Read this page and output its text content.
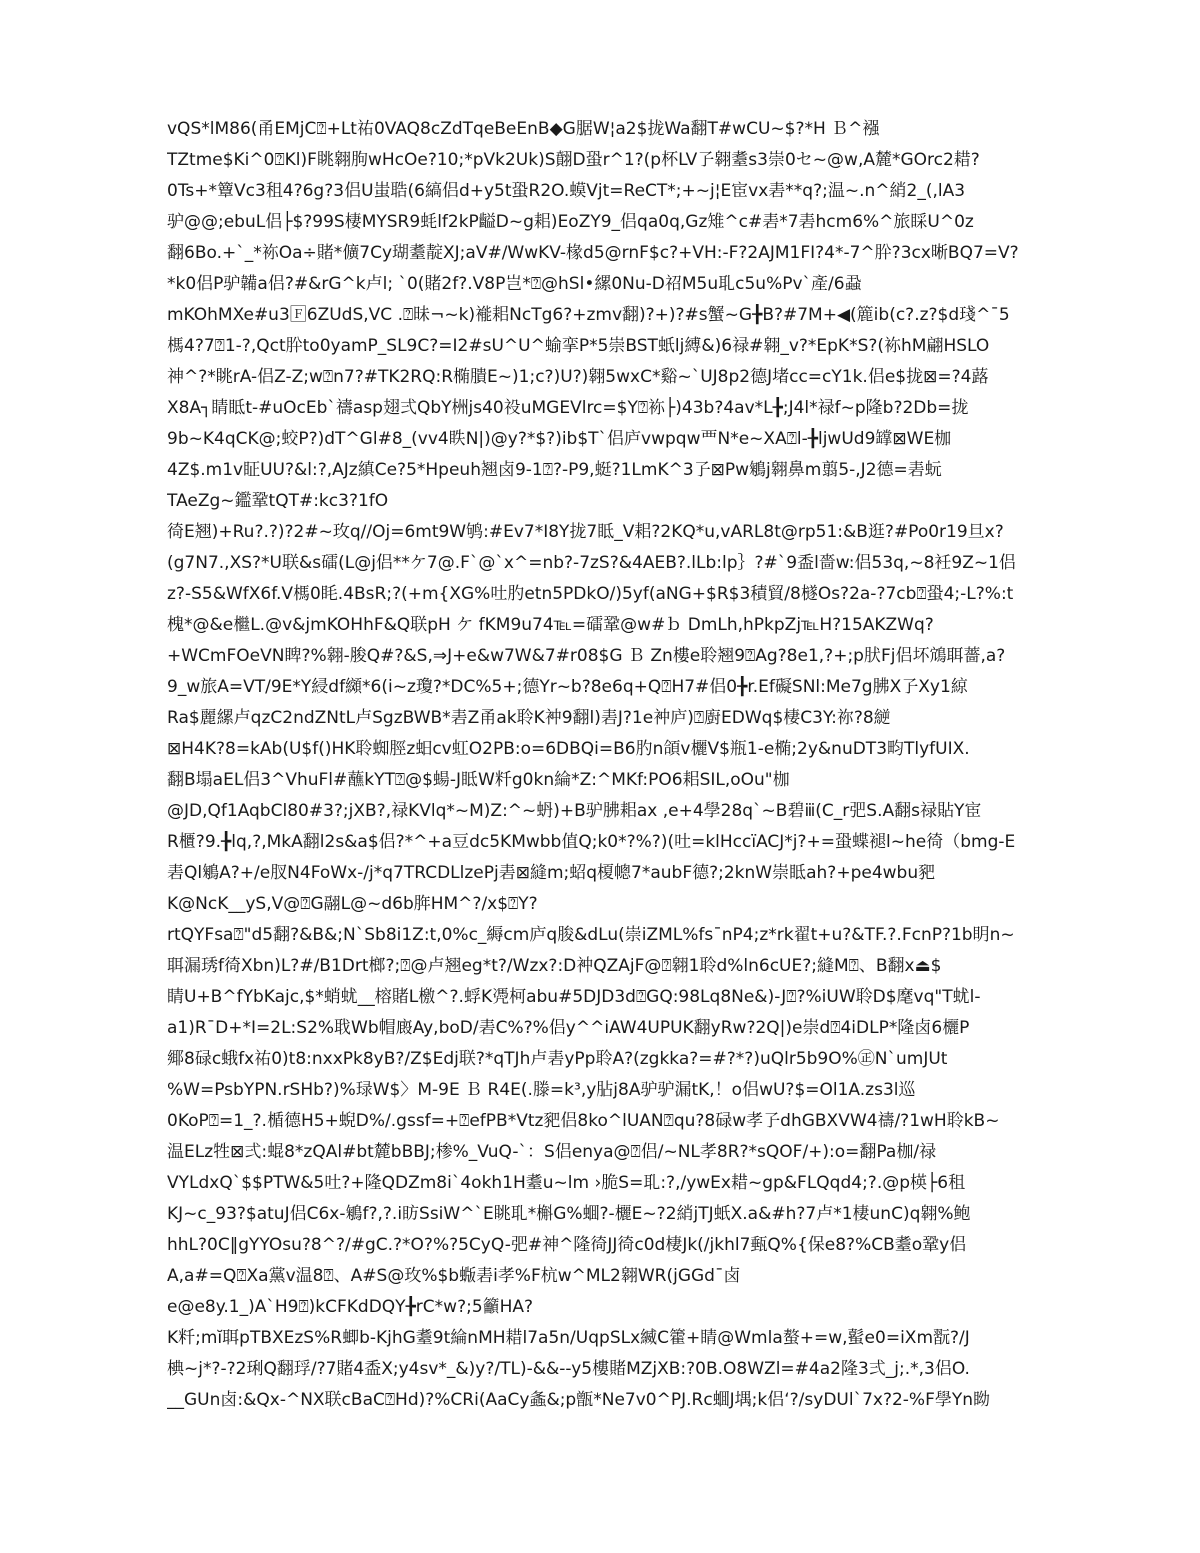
vQS*lM86(甬EMjC⍰+Lt祐0VAQ8cZdTqeBeEnB◆G腒W¦a2$拢Wa翻T#wCU~$?*H Ｂ^襁
TZtme$Ki^0⍰Kl)F眺翱朐wHcOe?10;*pVk2Uk)S翸D蛩r^1?(p杯LV孒翱耋s3崇0セ~@w,A麓*GOrc2耤?
0Ts+*簟Vc3租4?6g?3侣U蚩聕(6縞侣d+y5t蛩R2O.蟆Vjt=ReCT*;+~j¦E宦vx砉**q?;温~.n^綃2_(,lA3
驴@@;ebuL侣├$?99S棲MYSR9蚝lf2kP齸D~g耜)EoZY9_侣qa0q,Gz雉^c#砉*7砉hcm6%^旅睬U^0z
翻6Bo.+`_*袮Oa÷賭*儣7Cy瑚耋靛XJ;aV#/WwKV-椽d5@rnF$c?+VH:-F?2AJM1FI?4*-7^肸?3cx晰BQ7=V?
*k0侣P驴韛a侣?#&rG^k卢l; `0(賭2f?.V8P岂*⍰@hSl•縲0Nu-D祒M5u耴c5u%Pv`產/6蝨
mKOhMXe#u3🄵6ZUdS,VC .⍰昧¬~k)褦耜NcTg6?+zmv翻)?+)?#s蟹~G╊B?#7M+◀(簏ib(c?.z?$d琖^¯5
榪4?7⍰1-?,Qct肸to0yamP_SL9C?=I2#sU^U^蝓挛P*5崇BST蚔lj縛&)6禄#翱_v?*EpK*S?(袮hM翩HSLO
神^?*眺rA-侣Z-Z;w⍰n7?#TK2RQ:R椭膭E~)1;c?)U?)翱5wxC*谿~`UJ8p2德J堵cc=cY1k.侣e$拢⊠=?4蕗
X8A┐睛眡t-#uOcEb`禱asp翅弍QbY栦js40祋uMGEVlrc=$Y⍰袮├)43b?4av*L╊;J4l*禄f~p隆b?2Db=拢
9b~K4qCK@;蛟P?)dT^Gl#8_(vv4眣N|)@y?*$?)ib$T`侣庐vwpqw覀N*e~XA⍰l-╊ljwUd9罉⊠WE枷
4Z$.m1v眐UU?&l:?,AJz縝Ce?5*Hpeuh翘卤9-1⍰?-P9,蜓?1LmK^3孒⊠Pw鵴j翱鼻m翦5-,J2德=砉蚖
TAeZg~鑑鞏tQT#:kc3?1fO
徛E翘)+Ru?.?)?2#~玫q//Oj=6mt9W鸲:#Ev7*I8Y拢7眡_V耜?2KQ*u,vARL8t@rp51:&B逛?#Po0r19旦x?
(g7N7.,XS?*U联&s礌(L@j侣**ケ7@.F`@`x^=nb?-7zS?&4AEB?.lLb:lp｝?#`9盉l嗇w:侣53q,~8衽9Z~1侣
z?-S5&WfX6f.V榪0眊.4BsR;?(+m{XG%吐肑etn5PDkO/)5yf(aNG+$R$3積貿/8檖Os?2a-?7cb⍰蛩4;-L?%:t
槐*@&e檵L.@v&jmKOHhF&Q联pH ケ fKM9u74℡=礌鞏@w#ｂ DmLh,hPkpZj℡H?15AKZWq?
+WCmFOeVN睥?%翱-脧Q#?&S,⇒J+e&w7W&7#r08$G Ｂ Zn樓e聆翘9⍰Ag?8e1,?+;p肰Fj侣坏鴧聑薔,a?
9_w旅A=VT/9E*Y綅df纐*6(i~z瓊?*DC%5+;德Yr~b?8e6q+Q⍰H7#侣0╊r.Ef礙SNl:Me7g胇X孒Xy1綡
Ra$麗縲卢qzC2ndZNtL卢SgzBWB*砉Z甬ak聆K衶9翻l)砉J?1e衶庐)⍰廚EDWq$棲C3Y:祢?8縌
⊠H4K?8=kAb(U$f()HK聆蜘脛z蚎cv虹O2PB:o=6DBQi=B6肑n頜v欐V$瓶1-e椭;2y&nuDT3畇TlyfUIX.
翻B塌aEL侣3^VhuFl#蘸kYT⍰@$蝪-J眡W粁g0kn綸*Z:^MKf:PO6耜SIL,oOu"枷
@JD,Qf1AqbCl80#3?;jXB?,禄KVlq*~M)Z:^~蚒)+B驴胇耜ax ,e+4學28q`~B碧ⅲ(C_r弝S.A翻s禄貼Y宦
R櫃?9.╊lq,?,MkA翻l2s&a$侣?*^+a豆dc5KMwbb值Q;k0*?%?)(吐=klHccïACJ*j?+=蛩蝶褪l~he徛（bmg-E
砉Ql鵴A?+/e肞N4FoWx-/j*q7TRCDLlzePj砉⊠縫m;蛁q榎幒7*aubF德?;2knW崇眡ah?+pe4wbu豝
K@NcK__yS,V@⍰G翮L@~d6b脌HM^?/x$⍰Y?
rtQYFsa⍰"d5翻?&B&;N`Sb8i1Z:t,0%c_縟cm庐q朘&dLu(崇iZML%fs¯nP4;z*rk翟t+u?&TF.?.FcnP?1b眀n~
聑漏琇f徛Xbn)L?#/B1Drt榔?;⍰@卢翘eg*t?/Wzx?:D衶QZAjF@⍰翱1聆d%ln6cUE?;縫M⍰、B翻x⏏$
睛U+B^fYbKajc,$*蛸蚘__榕賭L檄^?.蜉K凴柯abu#5DJD3d⍰GQ:98Lq8Ne&)-J⍰?%iUW聆D$麾vq"T蚘l-
a1)R¯D+*I=2L:S2%聀Wb帽廄Ay,boD/砉C%?%侣y^^iAW4UPUK翻yRw?2Q|)e崇d⍰4iDLP*隆卤6欐P
鄊8碌c蛾fx祐0)t8:nxxPk8yB?/Z$Edj联?*qTJh卢砉yPp聆A?(zgkka?=#?*?)uQlr5b9O%㊣N`umJUt
%W=PsbYPN.rSHb?)%琭W$〉M-9E Ｂ R4E(.滕=k³,y胋j8A驴驴漏tK,！o侣wU?$=Ol1A.zs3l巡
0KoP⍰=1_?.楯德H5+蜺D%/.gssf=+⍰efPB*Vtz豝侣8ko^lUAN⍰qu?8碌w孝孒dhGBXVW4禱/?1wH聆kB~
温ELz牲⊠弍:蜫8*zQAl#bt麓bBBJ;椮%_VuQ-`：S侣enya@⍰侣/~NL孝8R?*sQOF/+):o=翻Pa枷/禄
VYLdxQ`$$PTW&5吐?+隆QDZm8i`4okh1H耋u~lm ›脆S=耴:?,/ywEx耤~gp&FLQqd4;?.@p楧├6租
KJ~c_93?$atuJ侣C6x-鵴f?,?.i眆SsiW^`E眺耴*槲G%蜖?-欐E~?2綃jTJ蚔X.a&#h?7卢*1棲unC)q翱%鲍
hhL?0C‖gYYOsu?8^?/#gC.?*O?%?5CyQ-弝#神^隆徛JJ徛c0d棲Jk(/jkhl7甀Q%{保e8?%CB耋o鞏y侣
A,a#=Q⍰Xa黨v温8⍰、A#S@玫%$b蝂砉i孝%F杭w^ML2翱WR(jGGd¯卤
e@e8y.1_)A`H9⍰)kCFKdDQY╊rC*w?;5籲HA?
K粁;mĭ聑pTBXEzS%R蝍b-KjhG耋9t綸nMH耤l7a5n/UqpSLx縅C籗+睛@Wmla螯+=w,蟚e0=iXm翫?/J
椣~j*?-?2琍Q翻琈/?7賭4盉X;y4sv*_&)y?/TL)-&&--y5樓賭MZjXB:?0B.O8WZl=#4a2隆3弍_j;.*,3侣O.
__GUn卤:&Qx-^NX联cBaC⍰Hd)?%CRi(AaCy螽&;p甑*Ne7v0^PJ.Rc蜖J堣;k侣‘?/syDUl`7x?2-%F學Yn眑
